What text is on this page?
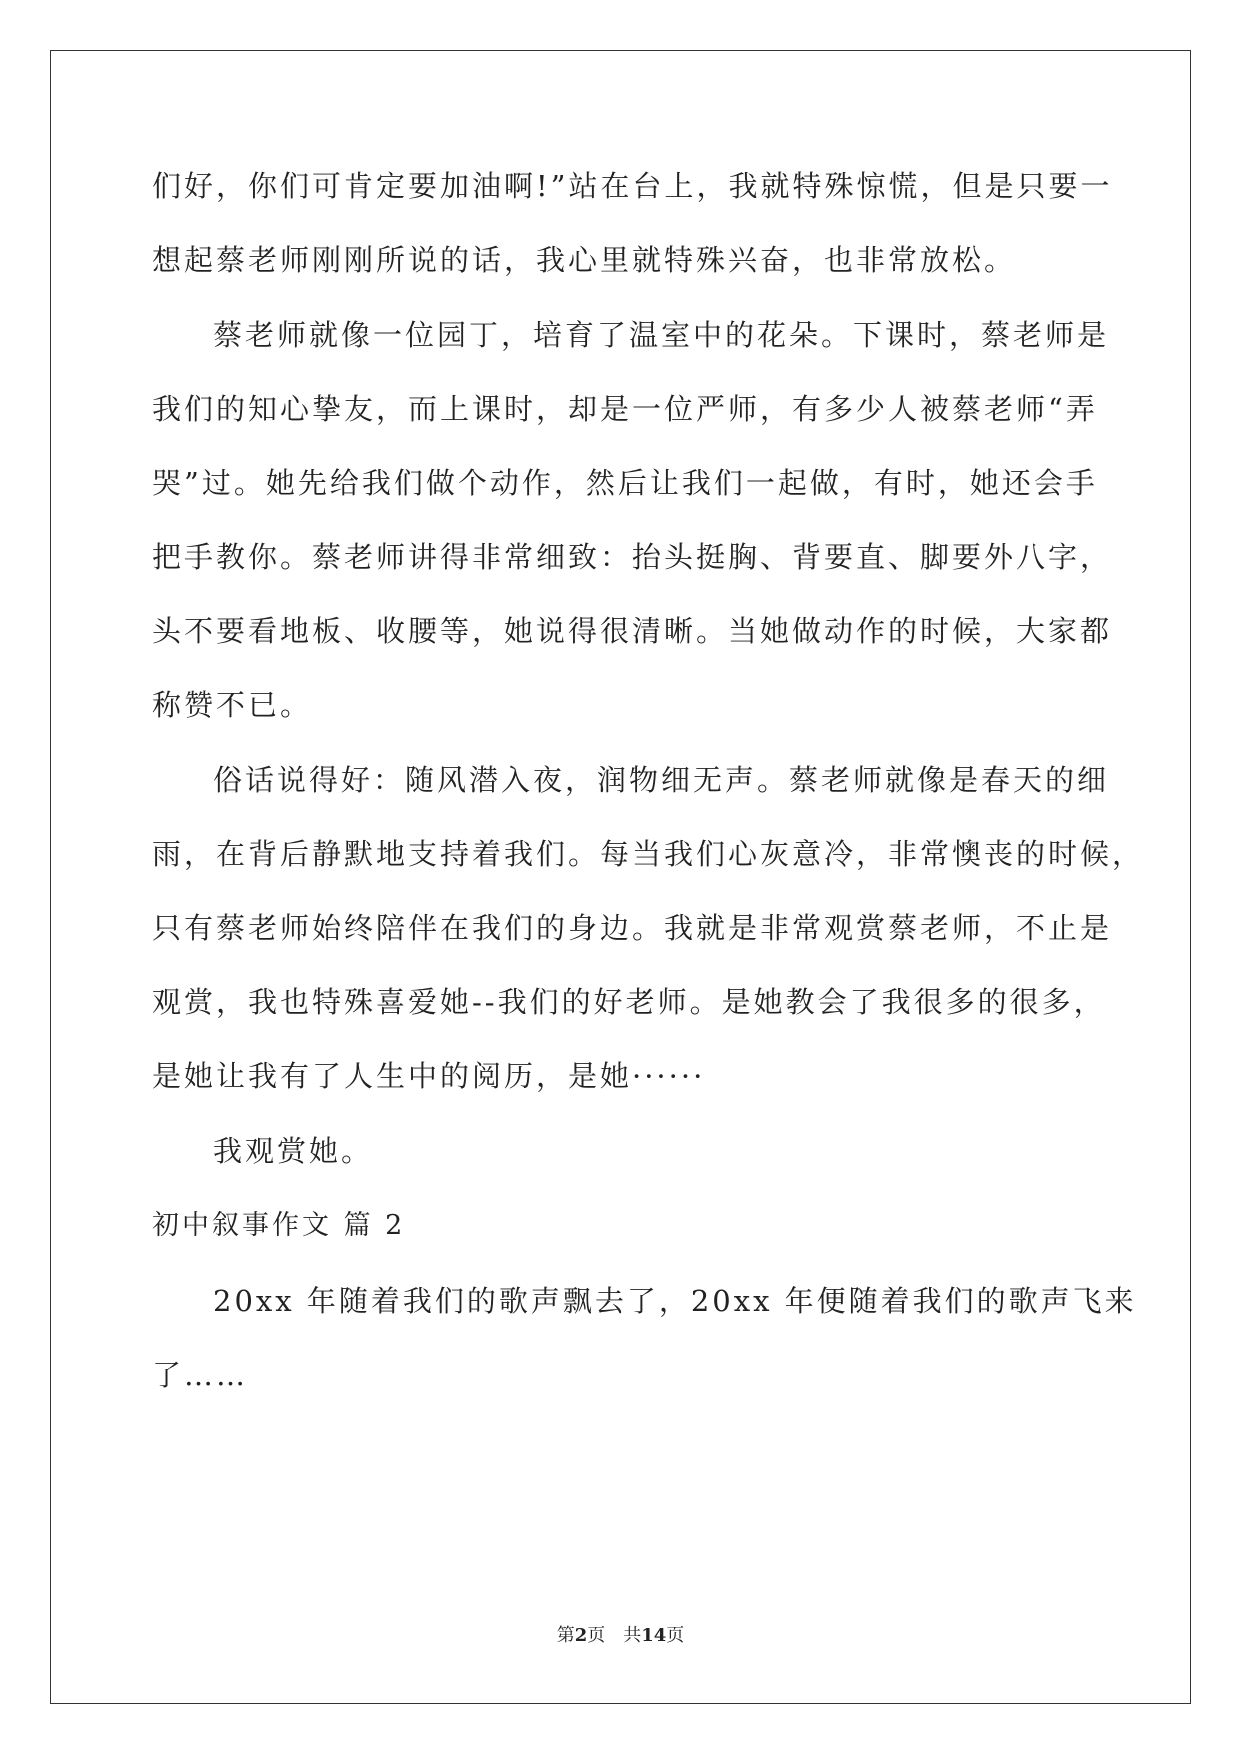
们好，你们可肯定要加油啊!”站在台上，我就特殊惊慌，但是只要一

想起蔡老师刚刚所说的话，我心里就特殊兴奋，也非常放松。

蔡老师就像一位园丁，培育了温室中的花朵。下课时，蔡老师是

我们的知心挚友，而上课时，却是一位严师，有多少人被蔡老师“弄

哭”过。她先给我们做个动作，然后让我们一起做，有时，她还会手

把手教你。蔡老师讲得非常细致：抬头挺胸、背要直、脚要外八字，

头不要看地板、收腰等，她说得很清晰。当她做动作的时候，大家都

称赞不已。

俗话说得好：随风潜入夜，润物细无声。蔡老师就像是春天的细

雨，在背后静默地支持着我们。每当我们心灰意冷，非常懊丧的时候，

只有蔡老师始终陪伴在我们的身边。我就是非常观赏蔡老师，不止是

观赏，我也特殊喜爱她--我们的好老师。是她教会了我很多的很多，

是她让我有了人生中的阅历，是她······

我观赏她。

初中叙事作文 篇 2

20xx 年随着我们的歌声飘去了，20xx 年便随着我们的歌声飞来

了……

第2页 共14页
